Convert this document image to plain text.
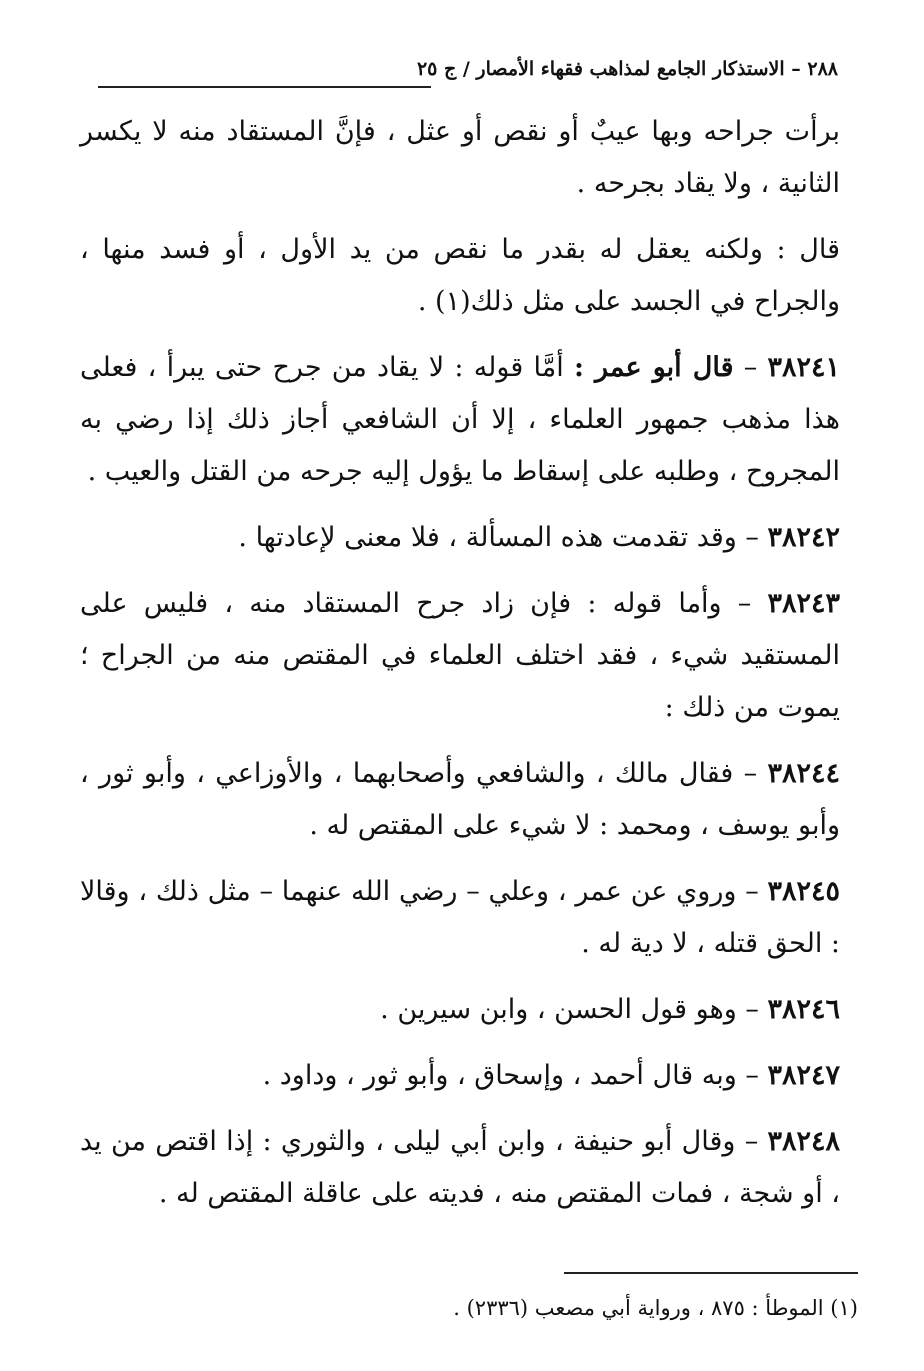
٢٨٨ – الاستذكار الجامع لمذاهب فقهاء الأمصار / ج ٢٥

برأت جراحه وبها عيبٌ أو نقص أو عثل ، فإنَّ المستقاد منه لا يكسر الثانية ، ولا يقاد بجرحه .

قال : ولكنه يعقل له بقدر ما نقص من يد الأول ، أو فسد منها ، والجراح في الجسد على مثل ذلك(١) .

٣٨٢٤١ – قال أبو عمر : أمَّا قوله : لا يقاد من جرح حتى يبرأ ، فعلى هذا مذهب جمهور العلماء ، إلا أن الشافعي أجاز ذلك إذا رضي به المجروح ، وطلبه على إسقاط ما يؤول إليه جرحه من القتل والعيب .

٣٨٢٤٢ – وقد تقدمت هذه المسألة ، فلا معنى لإعادتها .

٣٨٢٤٣ – وأما قوله : فإن زاد جرح المستقاد منه ، فليس على المستقيد شيء ، فقد اختلف العلماء في المقتص منه من الجراح ؛ يموت من ذلك :

٣٨٢٤٤ – فقال مالك ، والشافعي وأصحابهما ، والأوزاعي ، وأبو ثور ، وأبو يوسف ، ومحمد : لا شيء على المقتص له .

٣٨٢٤٥ – وروي عن عمر ، وعلي – رضي الله عنهما – مثل ذلك ، وقالا : الحق قتله ، لا دية له .

٣٨٢٤٦ – وهو قول الحسن ، وابن سيرين .

٣٨٢٤٧ – وبه قال أحمد ، وإسحاق ، وأبو ثور ، وداود .

٣٨٢٤٨ – وقال أبو حنيفة ، وابن أبي ليلى ، والثوري : إذا اقتص من يد ، أو شجة ، فمات المقتص منه ، فديته على عاقلة المقتص له .

(١) الموطأ : ٨٧٥ ، ورواية أبي مصعب (٢٣٣٦) .
